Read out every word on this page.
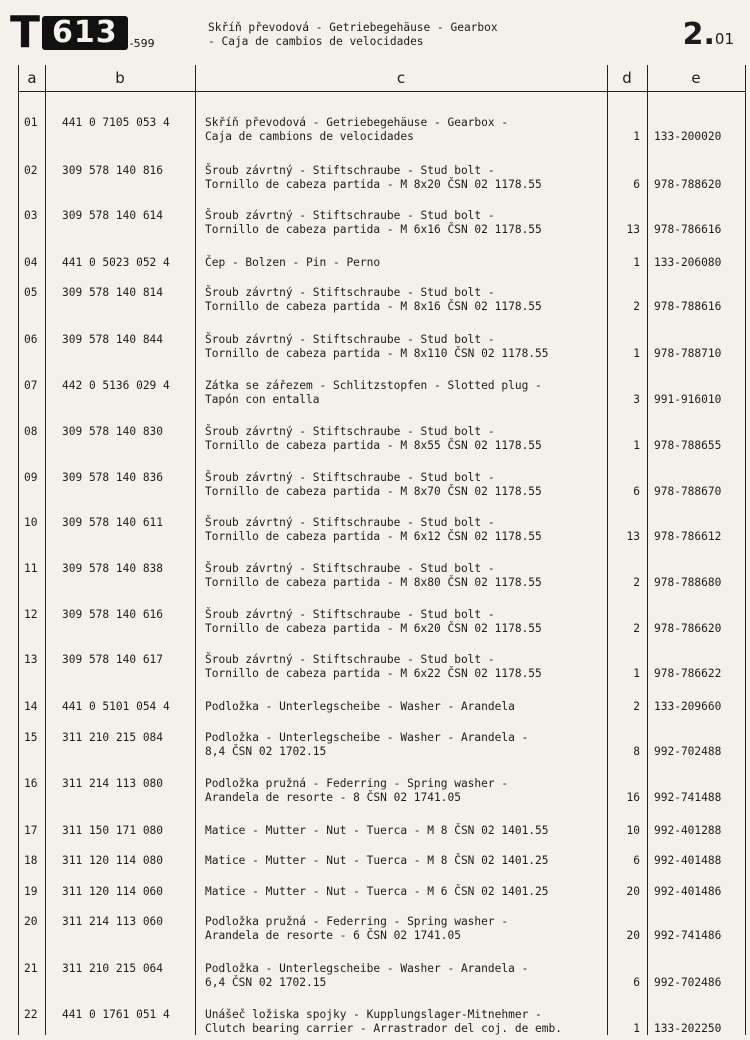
T 613	-599
Skříň převodová - Getriebegehäuse - Gearbox
- Caja de cambios de velocidades	2.01
a	b	c	d	e
01 441 0 7105 053 4	Skříň převodová - Getriebegehäuse - Gearbox -
Caja de cambions de velocidades	1 133-200020
02 309 578 140 816	Šroub závrtný - Stiftschraube - Stud bolt -
Tornillo de cabeza partida - M 8x20 ČSN 02 1178.55	6 978-788620
03 309 578 140 614	Šroub závrtný - Stiftschraube - Stud bolt -
Tornillo de cabeza partida - M 6x16 ČSN 02 1178.55	13 978-786616
04 441 0 5023 052 4	Čep - Bolzen - Pin - Perno	1 133-206080
05 309 578 140 814	Šroub závrtný - Stiftschraube - Stud bolt -
Tornillo de cabeza partida - M 8x16 ČSN 02 1178.55	2 978-788616
06 309 578 140 844	Šroub závrtný - Stiftschraube - Stud bolt -
Tornillo de cabeza partida - M 8x110 ČSN 02 1178.55	1 978-788710
07 442 0 5136 029 4	Zátka se zářezem - Schlitzstopfen - Slotted plug -
Tapón con entalla	3 991-916010
08 309 578 140 830	Šroub závrtný - Stiftschraube - Stud bolt -
Tornillo de cabeza partida - M 8x55 ČSN 02 1178.55	1 978-788655
09 309 578 140 836	Šroub závrtný - Stiftschraube - Stud bolt -
Tornillo de cabeza partida - M 8x70 ČSN 02 1178.55	6 978-788670
10 309 578 140 611	Šroub závrtný - Stiftschraube - Stud bolt -
Tornillo de cabeza partida - M 6x12 ČSN 02 1178.55	13 978-786612
11 309 578 140 838	Šroub závrtný - Stiftschraube - Stud bolt -
Tornillo de cabeza partida - M 8x80 ČSN 02 1178.55	2 978-788680
12 309 578 140 616	Šroub závrtný - Stiftschraube - Stud bolt -
Tornillo de cabeza partida - M 6x20 ČSN 02 1178.55	2 978-786620
13 309 578 140 617	Šroub závrtný - Stiftschraube - Stud bolt -
Tornillo de cabeza partida - M 6x22 ČSN 02 1178.55	1 978-786622
14 441 0 5101 054 4	Podložka - Unterlegscheibe - Washer - Arandela	2 133-209660
15 311 210 215 084	Podložka - Unterlegscheibe - Washer - Arandela -
8,4 ČSN 02 1702.15	8 992-702488
16 311 214 113 080	Podložka pružná - Federring - Spring washer -
Arandela de resorte - 8 ČSN 02 1741.05	16 992-741488
17 311 150 171 080	Matice - Mutter - Nut - Tuerca - M 8 ČSN 02 1401.55	10 992-401288
18 311 120 114 080	Matice - Mutter - Nut - Tuerca - M 8 ČSN 02 1401.25	6 992-401488
19 311 120 114 060	Matice - Mutter - Nut - Tuerca - M 6 ČSN 02 1401.25	20 992-401486
20 311 214 113 060	Podložka pružná - Federring - Spring washer -
Arandela de resorte - 6 ČSN 02 1741.05	20 992-741486
21 311 210 215 064	Podložka - Unterlegscheibe - Washer - Arandela -
6,4 ČSN 02 1702.15	6 992-702486
22 441 0 1761 051 4	Unášeč ložiska spojky - Kupplungslager-Mitnehmer -
Clutch bearing carrier - Arrastrador del coj. de emb.	1 133-202250
